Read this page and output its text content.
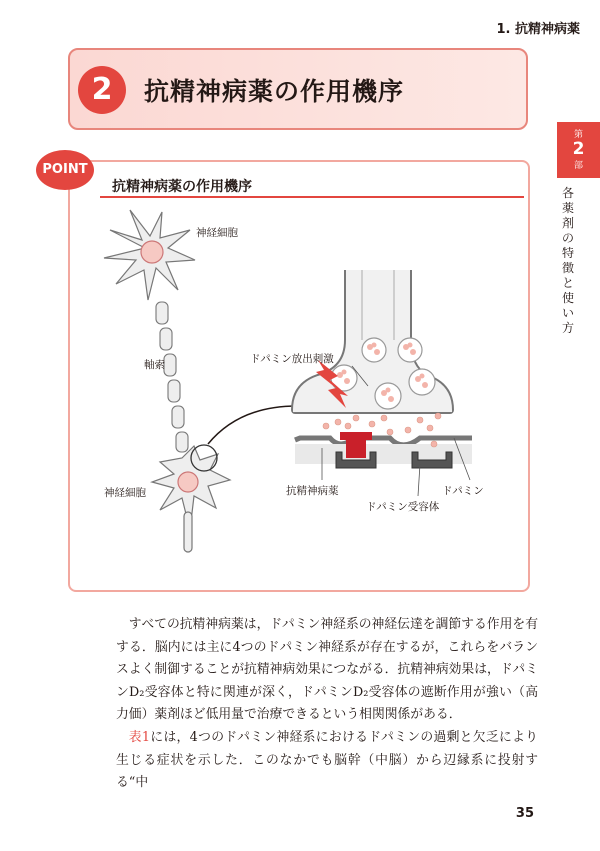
1. 抗精神病薬
2	抗精神病薬の作用機序
第
2
部
各薬剤の特徴と使い方
POINT
抗精神病薬の作用機序
神経細胞
軸索
神経細胞
ドパミン放出刺激
抗精神病薬	ドパミン
ドパミン受容体

すべての抗精神病薬は，ドパミン神経系の神経伝達を調節する作用を有する．脳内には主に4つのドパミン神経系が存在するが，これらをバランスよく制御することが抗精神病効果につながる．抗精神病効果は，ドパミンD₂受容体と特に関連が深く，ドパミンD₂受容体の遮断作用が強い（高力価）薬剤ほど低用量で治療できるという相関関係がある．

表1には，4つのドパミン神経系におけるドパミンの過剰と欠乏により生じる症状を示した．このなかでも脳幹（中脳）から辺縁系に投射する“中

35
